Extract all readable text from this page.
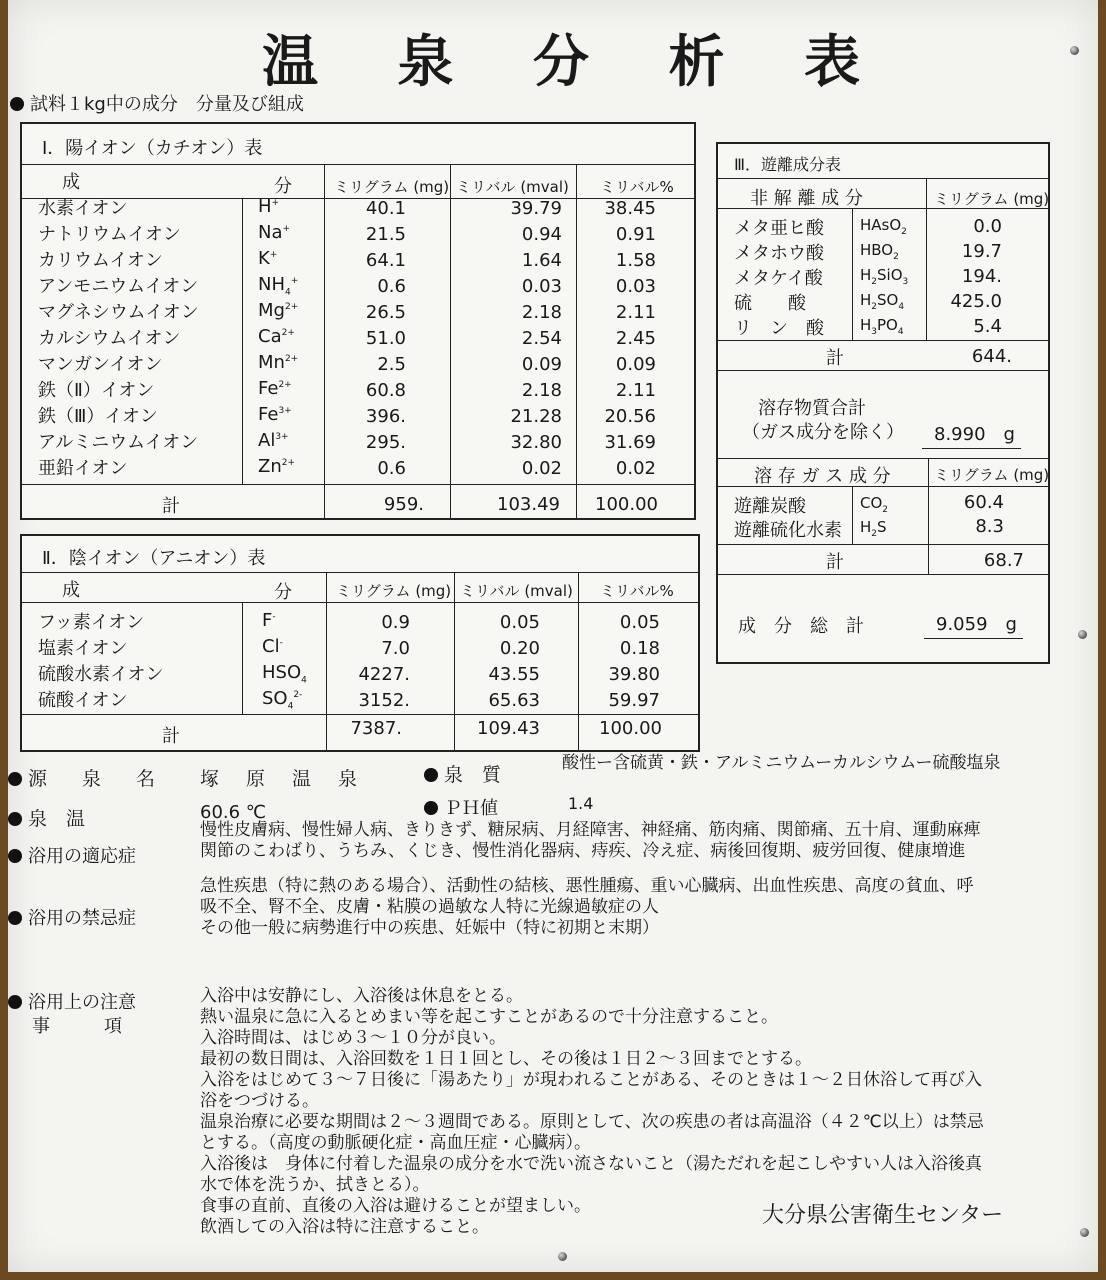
温 泉 分 析 表
試料１kg中の成分　分量及び組成
Ⅰ．陽イオン（カチオン）表
成	分	ミリグラム (mg) ミリバル (mval) ミリバル%
計	959.	103.49	100.00
水素イオン	H+	40.1	39.79	38.45
ナトリウムイオン	Na+	21.5	0.94	0.91
カリウムイオン	K+	64.1	1.64	1.58
アンモニウムイオン	$NH_4^+$	0.6	0.03	0.03
マグネシウムイオン	$Mg^{2+}$	26.5	2.18	2.11
カルシウムイオン	$Ca^{2+}$	51.0	2.54	2.45
マンガンイオン	$Mn^{2+}$	2.5	0.09	0.09
鉄（Ⅱ）イオン	$Fe^{2+}$	60.8	2.18	2.11
鉄（Ⅲ）イオン	$Fe^{3+}$	396.	21.28	20.56
アルミニウムイオン	$Al^{3+}$	295.	32.80	31.69
亜鉛イオン	$Zn^{2+}$	0.6	0.02	0.02
Ⅱ．陰イオン（アニオン）表
成	分	ミリグラム (mg) ミリバル (mval) ミリバル%
計	7387.	109.43	100.00
フッ素イオン	F-	0.9	0.05	0.05
塩素イオン	Cl-	7.0	0.20	0.18
硫酸水素イオン	$HSO_4$	4227.	43.55	39.80
硫酸イオン	$SO_4^{2-}$	3152.	65.63	59.97
Ⅲ．遊離成分表
非 解 離 成 分	ミリグラム (mg)
計	644.
溶存物質合計
（ガス成分を除く）	8.990　g
溶 存 ガ ス 成 分	ミリグラム (mg)
計	68.7
成　分　総　計	9.059　g
メタ亜ヒ酸 HAsO$_2$	0.0
メタホウ酸 $HBO_2$	19.7
メタケイ酸 $H_2SiO_3$	194.
硫　　酸	$H_2SO_4$	425.0
リ　ン　酸 $H_3PO_4$	5.4
遊離炭酸	$CO_2$	60.4
遊離硫化水素 $H_2S$	8.3
源　泉　名 塚　原　温　泉	泉　質
酸性ー含硫黄・鉄・アルミニウムーカルシウムー硫酸塩泉
泉　温	60.6 ℃	ＰＨ値	1.4
浴用の適応症
慢性皮膚病、慢性婦人病、きりきず、糖尿病、月経障害、神経痛、筋肉痛、関節痛、五十肩、運動麻痺
関節のこわばり、うちみ、くじき、慢性消化器病、痔疾、冷え症、病後回復期、疲労回復、健康増進
浴用の禁忌症
急性疾患（特に熱のある場合）、活動性の結核、悪性腫瘍、重い心臓病、出血性疾患、高度の貧血、呼
吸不全、腎不全、皮膚・粘膜の過敏な人特に光線過敏症の人
その他一般に病勢進行中の疾患、妊娠中（特に初期と末期）
浴用上の注意
事　　　項
入浴中は安静にし、入浴後は休息をとる。
熱い温泉に急に入るとめまい等を起こすことがあるので十分注意すること。
入浴時間は、はじめ３～１０分が良い。
最初の数日間は、入浴回数を１日１回とし、その後は１日２～３回までとする。
入浴をはじめて３～７日後に「湯あたり」が現われることがある、そのときは１～２日休浴して再び入
浴をつづける。
温泉治療に必要な期間は２～３週間である。原則として、次の疾患の者は高温浴（４２℃以上）は禁忌
とする。（高度の動脈硬化症・高血圧症・心臓病）。
入浴後は　身体に付着した温泉の成分を水で洗い流さないこと（湯ただれを起こしやすい人は入浴後真
水で体を洗うか、拭きとる）。
食事の直前、直後の入浴は避けることが望ましい。
飲酒しての入浴は特に注意すること。	大分県公害衛生センター
